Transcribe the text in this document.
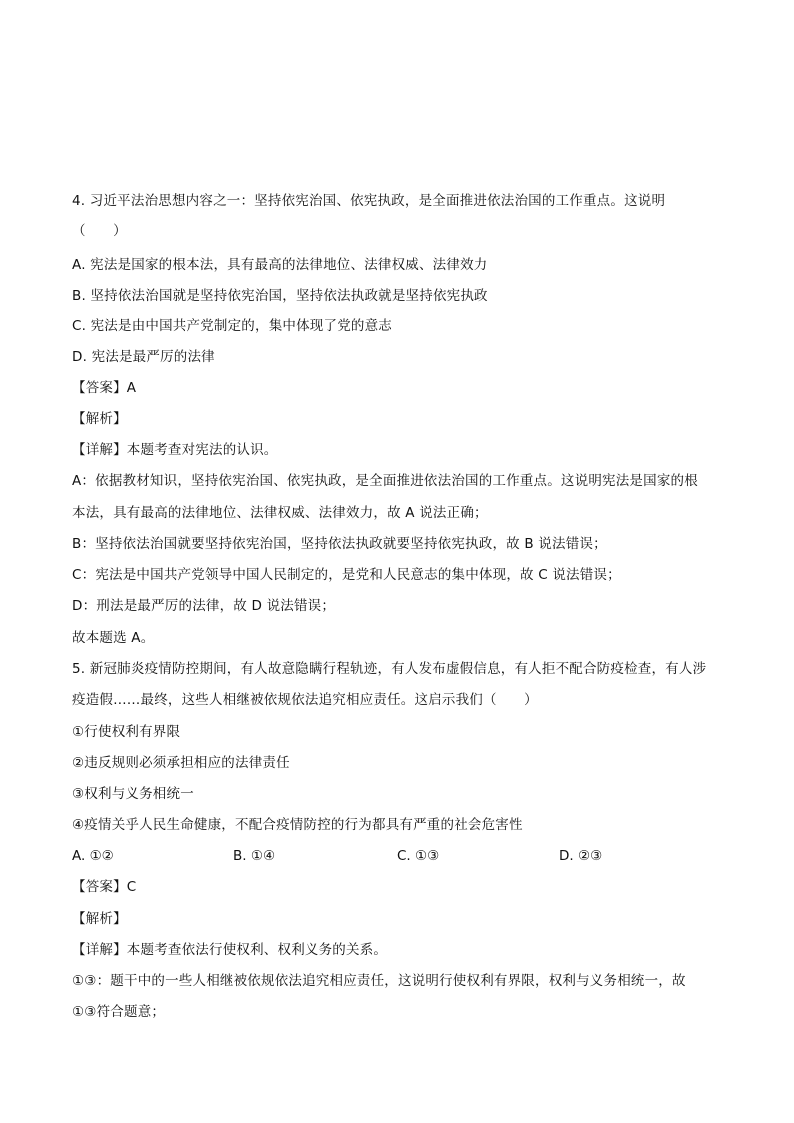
4. 习近平法治思想内容之一：坚持依宪治国、依宪执政，是全面推进依法治国的工作重点。这说明
（　　）
A. 宪法是国家的根本法，具有最高的法律地位、法律权威、法律效力
B. 坚持依法治国就是坚持依宪治国，坚持依法执政就是坚持依宪执政
C. 宪法是由中国共产党制定的，集中体现了党的意志
D. 宪法是最严厉的法律
【答案】A
【解析】
【详解】本题考查对宪法的认识。
A：依据教材知识，坚持依宪治国、依宪执政，是全面推进依法治国的工作重点。这说明宪法是国家的根
本法，具有最高的法律地位、法律权威、法律效力，故 A 说法正确；
B：坚持依法治国就要坚持依宪治国，坚持依法执政就要坚持依宪执政，故 B 说法错误；
C：宪法是中国共产党领导中国人民制定的，是党和人民意志的集中体现，故 C 说法错误；
D：刑法是最严厉的法律，故 D 说法错误；
故本题选 A。
5. 新冠肺炎疫情防控期间，有人故意隐瞒行程轨迹，有人发布虚假信息，有人拒不配合防疫检查，有人涉
疫造假……最终，这些人相继被依规依法追究相应责任。这启示我们（　　）
①行使权利有界限
②违反规则必须承担相应的法律责任
③权利与义务相统一
④疫情关乎人民生命健康，不配合疫情防控的行为都具有严重的社会危害性
A. ①②	B. ①④	C. ①③	D. ②③
【答案】C
【解析】
【详解】本题考查依法行使权利、权利义务的关系。
①③：题干中的一些人相继被依规依法追究相应责任，这说明行使权利有界限，权利与义务相统一，故
①③符合题意；
